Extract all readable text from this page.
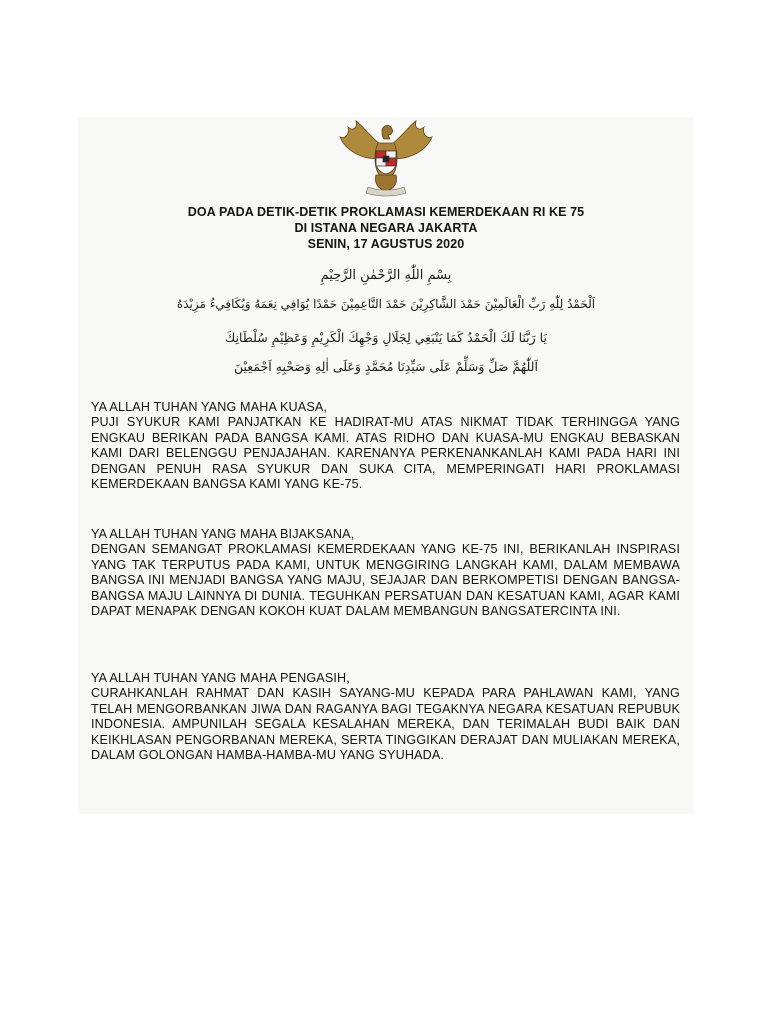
DOA PADA DETIK-DETIK PROKLAMASI KEMERDEKAAN RI KE 75
DI ISTANA NEGARA JAKARTA
SENIN, 17 AGUSTUS 2020
بِسْمِ اللّٰهِ الرَّحْمٰنِ الرَّحِيْمِ
اَلْحَمْدُ لِلّٰهِ رَبِّ الْعَالَمِيْنَ حَمْدَ الشَّاكِرِيْنَ حَمْدَ النَّاعِمِيْنَ حَمْدًا يُوَافِي نِعَمَهُ وَيُكَافِيءُ مَزِيْدَهُ
يَا رَبَّنَا لَكَ الْحَمْدُ كَمَا يَنْبَغِي لِجَلَالِ وَجْهِكَ الْكَرِيْمِ وَعَظِيْمِ سُلْطَانِكَ
اَللّٰهُمَّ صَلِّ وَسَلِّمْ عَلَى سَيِّدِنَا مُحَمَّدٍ وَعَلَى اٰلِهِ وَصَحْبِهِ اَجْمَعِيْنَ
YA ALLAH TUHAN YANG MAHA KUASA,
PUJI SYUKUR KAMI PANJATKAN KE HADIRAT-MU ATAS NIKMAT TIDAK TERHINGGA YANG ENGKAU BERIKAN PADA BANGSA KAMI. ATAS RIDHO DAN KUASA-MU ENGKAU BEBASKAN KAMI DARI BELENGGU PENJAJAHAN. KARENANYA PERKENANKANLAH KAMI PADA HARI INI DENGAN PENUH RASA SYUKUR DAN SUKA CITA, MEMPERINGATI HARI PROKLAMASI KEMERDEKAAN BANGSA KAMI YANG KE-75.
YA ALLAH TUHAN YANG MAHA BIJAKSANA,
DENGAN SEMANGAT PROKLAMASI KEMERDEKAAN YANG KE-75 INI, BERIKANLAH INSPIRASI YANG TAK TERPUTUS PADA KAMI, UNTUK MENGGIRING LANGKAH KAMI, DALAM MEMBAWA BANGSA INI MENJADI BANGSA YANG MAJU, SEJAJAR DAN BERKOMPETISI DENGAN BANGSA-BANGSA MAJU LAINNYA DI DUNIA. TEGUHKAN PERSATUAN DAN KESATUAN KAMI, AGAR KAMI DAPAT MENAPAK DENGAN KOKOH KUAT DALAM MEMBANGUN BANGSATERCINTA INI.
YA ALLAH TUHAN YANG MAHA PENGASIH,
CURAHKANLAH RAHMAT DAN KASIH SAYANG-MU KEPADA PARA PAHLAWAN KAMI, YANG TELAH MENGORBANKAN JIWA DAN RAGANYA BAGI TEGAKNYA NEGARA KESATUAN REPUBUK INDONESIA. AMPUNILAH SEGALA KESALAHAN MEREKA, DAN TERIMALAH BUDI BAIK DAN KEIKHLASAN PENGORBANAN MEREKA, SERTA TINGGIKAN DERAJAT DAN MULIAKAN MEREKA, DALAM GOLONGAN HAMBA-HAMBA-MU YANG SYUHADA.
